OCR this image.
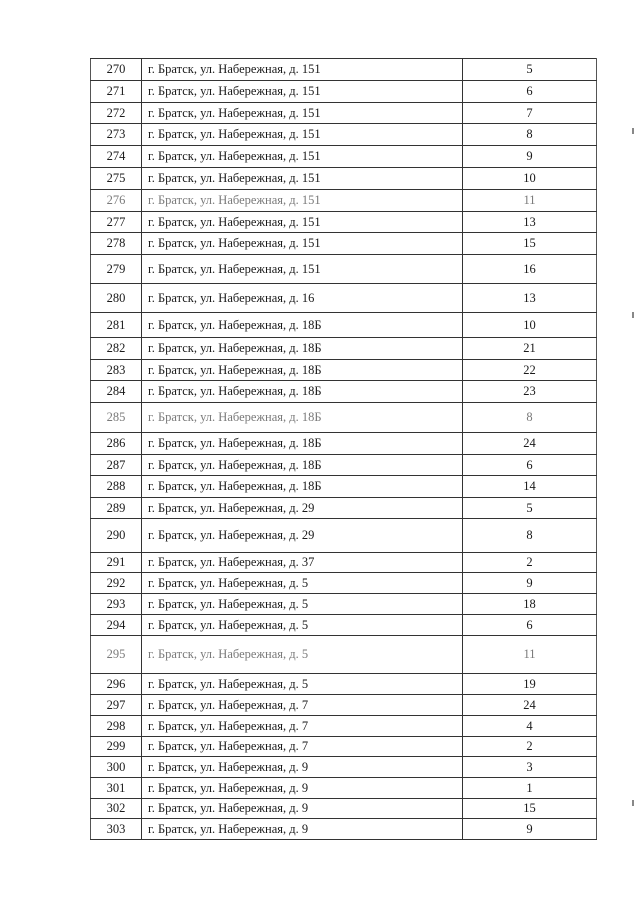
270	г. Братск, ул. Набережная, д. 151	5
271	г. Братск, ул. Набережная, д. 151	6
272	г. Братск, ул. Набережная, д. 151	7
273	г. Братск, ул. Набережная, д. 151	8
274	г. Братск, ул. Набережная, д. 151	9
275	г. Братск, ул. Набережная, д. 151	10
276	г. Братск, ул. Набережная, д. 151	11
277	г. Братск, ул. Набережная, д. 151	13
278	г. Братск, ул. Набережная, д. 151	15
279	г. Братск, ул. Набережная, д. 151	16
280	г. Братск, ул. Набережная, д. 16	13
281	г. Братск, ул. Набережная, д. 18Б	10
282	г. Братск, ул. Набережная, д. 18Б	21
283	г. Братск, ул. Набережная, д. 18Б	22
284	г. Братск, ул. Набережная, д. 18Б	23
285	г. Братск, ул. Набережная, д. 18Б	8
286	г. Братск, ул. Набережная, д. 18Б	24
287	г. Братск, ул. Набережная, д. 18Б	6
288	г. Братск, ул. Набережная, д. 18Б	14
289	г. Братск, ул. Набережная, д. 29	5
290	г. Братск, ул. Набережная, д. 29	8
291	г. Братск, ул. Набережная, д. 37	2
292	г. Братск, ул. Набережная, д. 5	9
293	г. Братск, ул. Набережная, д. 5	18
294	г. Братск, ул. Набережная, д. 5	6
295	г. Братск, ул. Набережная, д. 5	11
296	г. Братск, ул. Набережная, д. 5	19
297	г. Братск, ул. Набережная, д. 7	24
298	г. Братск, ул. Набережная, д. 7	4
299	г. Братск, ул. Набережная, д. 7	2
300	г. Братск, ул. Набережная, д. 9	3
301	г. Братск, ул. Набережная, д. 9	1
302	г. Братск, ул. Набережная, д. 9	15
303	г. Братск, ул. Набережная, д. 9	9
